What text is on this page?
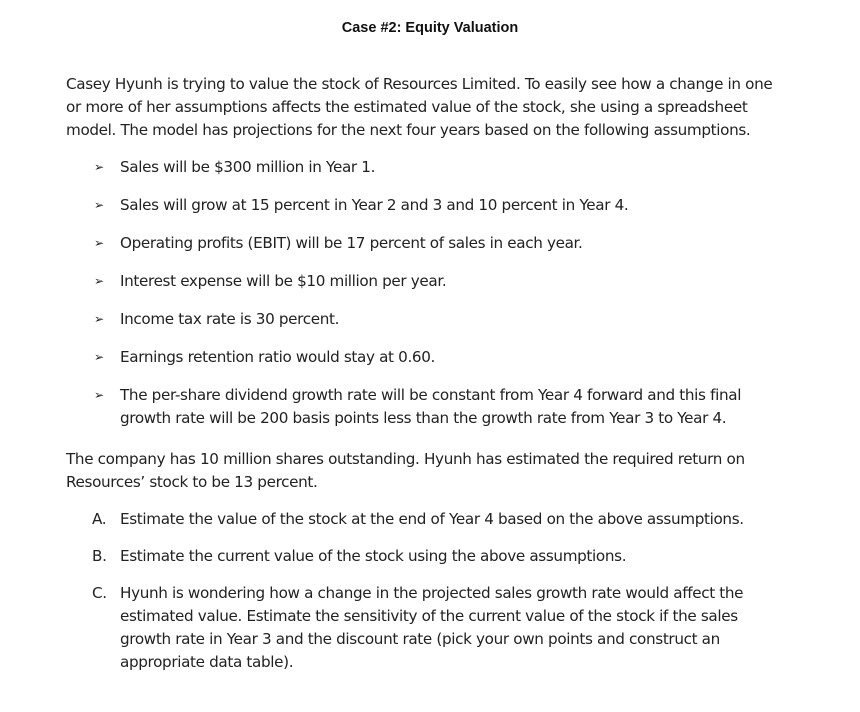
Case #2: Equity Valuation
Casey Hyunh is trying to value the stock of Resources Limited. To easily see how a change in one or more of her assumptions affects the estimated value of the stock, she using a spreadsheet model. The model has projections for the next four years based on the following assumptions.
➢ Sales will be $300 million in Year 1.
➢ Sales will grow at 15 percent in Year 2 and 3 and 10 percent in Year 4.
➢ Operating profits (EBIT) will be 17 percent of sales in each year.
➢ Interest expense will be $10 million per year.
➢ Income tax rate is 30 percent.
➢ Earnings retention ratio would stay at 0.60.
➢ The per-share dividend growth rate will be constant from Year 4 forward and this final growth rate will be 200 basis points less than the growth rate from Year 3 to Year 4.
The company has 10 million shares outstanding. Hyunh has estimated the required return on Resources’ stock to be 13 percent.
A. Estimate the value of the stock at the end of Year 4 based on the above assumptions.
B. Estimate the current value of the stock using the above assumptions.
C. Hyunh is wondering how a change in the projected sales growth rate would affect the estimated value. Estimate the sensitivity of the current value of the stock if the sales growth rate in Year 3 and the discount rate (pick your own points and construct an appropriate data table).
